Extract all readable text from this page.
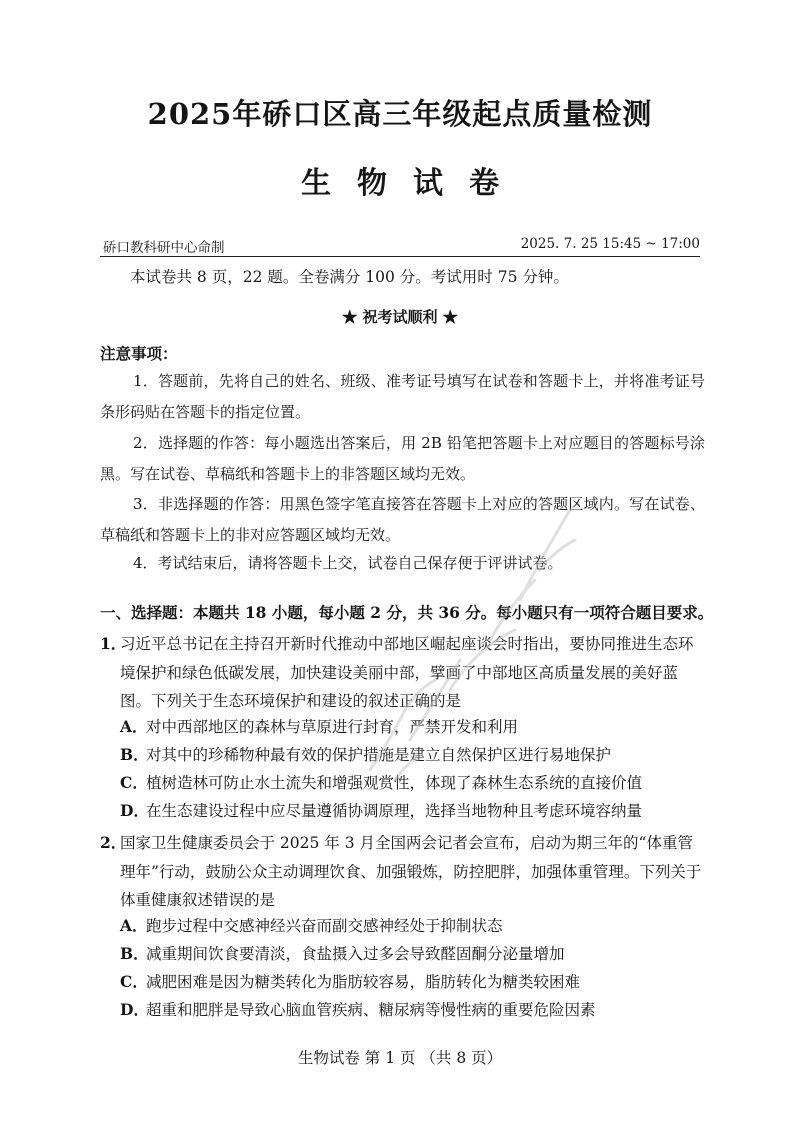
2025年硚口区高三年级起点质量检测
生物试卷
硚口教科研中心命制	2025. 7. 25 15:45 ~ 17:00
本试卷共 8 页，22 题。全卷满分 100 分。考试用时 75 分钟。
★ 祝考试顺利 ★
注意事项：
1．答题前，先将自己的姓名、班级、准考证号填写在试卷和答题卡上，并将准考证号条形码贴在答题卡的指定位置。
2．选择题的作答：每小题选出答案后，用 2B 铅笔把答题卡上对应题目的答题标号涂黑。写在试卷、草稿纸和答题卡上的非答题区域均无效。
3．非选择题的作答：用黑色签字笔直接答在答题卡上对应的答题区域内。写在试卷、草稿纸和答题卡上的非对应答题区域均无效。
4．考试结束后，请将答题卡上交，试卷自己保存便于评讲试卷。
一、选择题：本题共 18 小题，每小题 2 分，共 36 分。每小题只有一项符合题目要求。
1．
习近平总书记在主持召开新时代推动中部地区崛起座谈会时指出，要协同推进生态环境保护和绿色低碳发展，加快建设美丽中部，擘画了中部地区高质量发展的美好蓝图。下列关于生态环境保护和建设的叙述正确的是
A．对中西部地区的森林与草原进行封育，严禁开发和利用
B．对其中的珍稀物种最有效的保护措施是建立自然保护区进行易地保护
C．植树造林可防止水土流失和增强观赏性，体现了森林生态系统的直接价值
D．在生态建设过程中应尽量遵循协调原理，选择当地物种且考虑环境容纳量
2．
国家卫生健康委员会于 2025 年 3 月全国两会记者会宣布，启动为期三年的“体重管理年”行动，鼓励公众主动调理饮食、加强锻炼，防控肥胖，加强体重管理。下列关于体重健康叙述错误的是
A．跑步过程中交感神经兴奋而副交感神经处于抑制状态
B．减重期间饮食要清淡，食盐摄入过多会导致醛固酮分泌量增加
C．减肥困难是因为糖类转化为脂肪较容易，脂肪转化为糖类较困难
D．超重和肥胖是导致心脑血管疾病、糖尿病等慢性病的重要危险因素
生物试卷 第 1 页 （共 8 页）
